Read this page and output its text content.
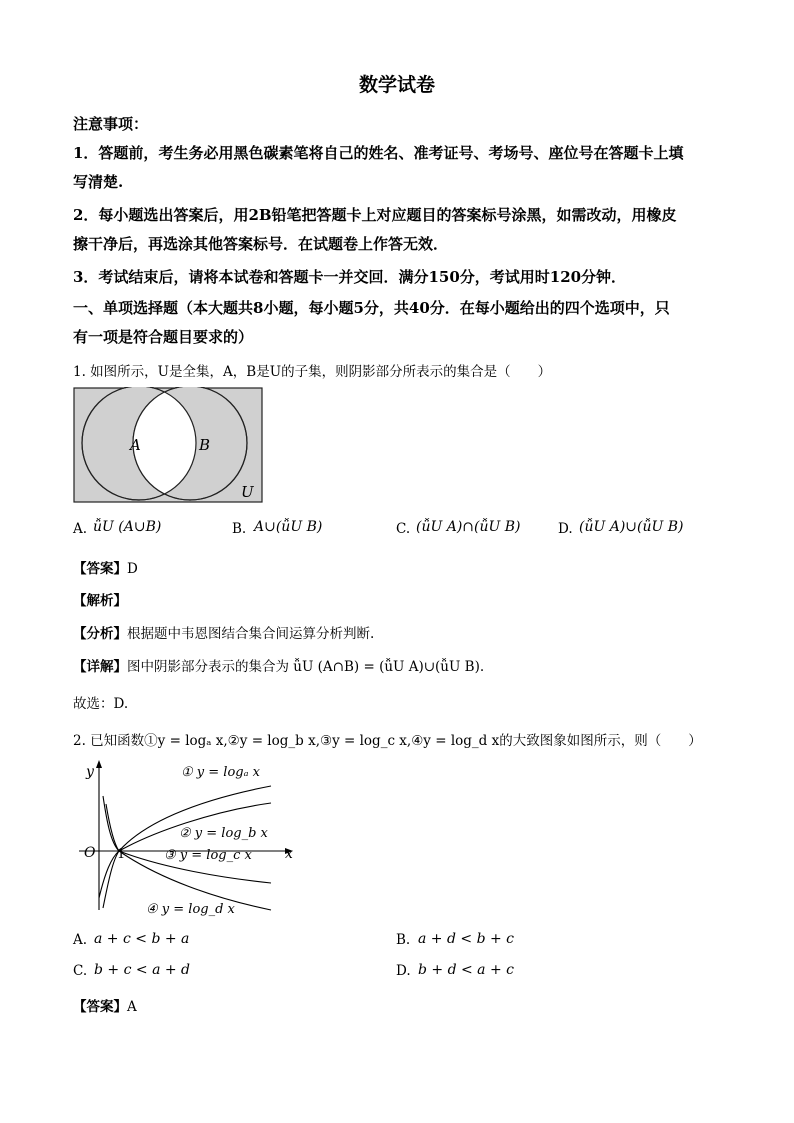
数学试卷
注意事项：
1．答题前，考生务必用黑色碳素笔将自己的姓名、准考证号、考场号、座位号在答题卡上填
写清楚.
2．每小题选出答案后，用2B铅笔把答题卡上对应题目的答案标号涂黑，如需改动，用橡皮
擦干净后，再选涂其他答案标号．在试题卷上作答无效．
3．考试结束后，请将本试卷和答题卡一并交回．满分150分，考试用时120分钟．
一、单项选择题（本大题共8小题，每小题5分，共40分．在每小题给出的四个选项中，只
有一项是符合题目要求的）
1. 如图所示，U是全集，A，B是U的子集，则阴影部分所表示的集合是（　　）
A	B
U
A. ǚU (A∪B)	B. A∪(ǚU B)	C. (ǚU A)∩(ǚU B)	D. (ǚU A)∪(ǚU B)
【答案】D
【解析】
【分析】根据题中韦恩图结合集合间运算分析判断.
【详解】图中阴影部分表示的集合为 ǚU (A∩B) = (ǚU A)∪(ǚU B).
故选：D.
2. 已知函数①y = logₐ x,②y = log_b x,③y = log_c x,④y = log_d x的大致图象如图所示，则（　　）
y
x
O 1
① y = logₐ x
② y = log_b x
③ y = log_c x
④ y = log_d x
A. a + c < b + a	B. a + d < b + c
C. b + c < a + d	D. b + d < a + c
【答案】A
